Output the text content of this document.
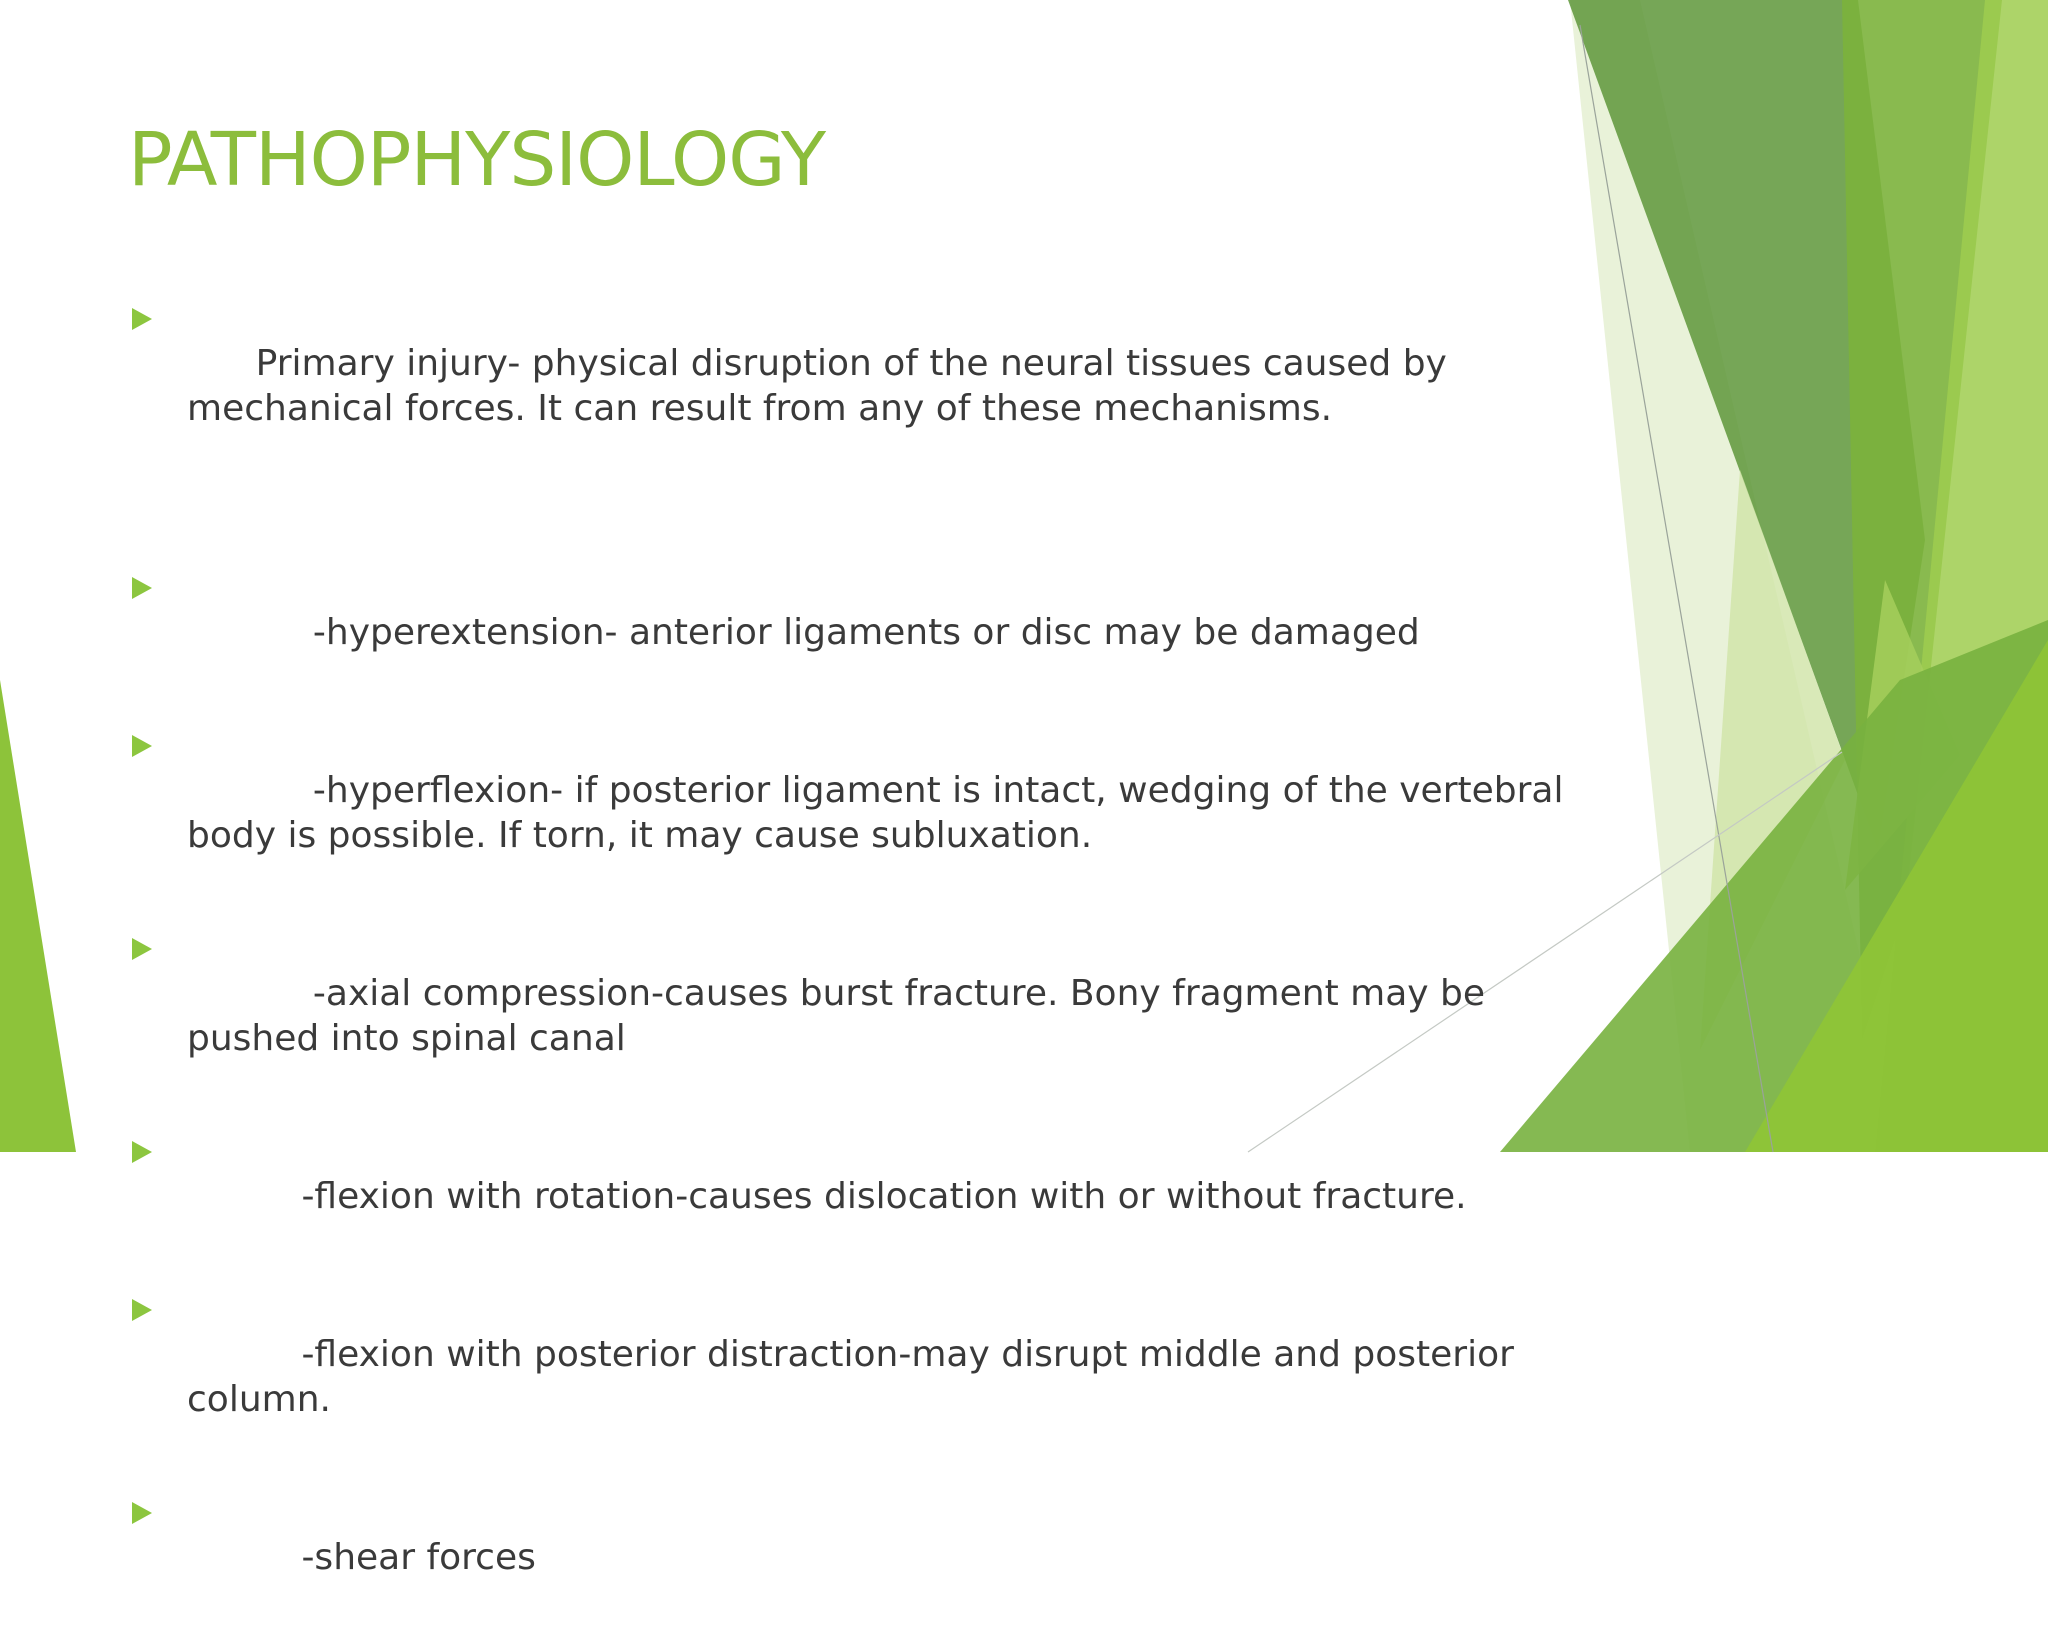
PATHOPHYSIOLOGY

Primary injury- physical disruption of the neural tissues caused by mechanical forces. It can result from any of these mechanisms.

-hyperextension- anterior ligaments or disc may be damaged

-hyperflexion- if posterior ligament is intact, wedging of the vertebral body is possible. If torn, it may cause subluxation.

-axial compression-causes burst fracture. Bony fragment may be pushed into spinal canal

-flexion with rotation-causes dislocation with or without fracture.

-flexion with posterior distraction-may disrupt middle and posterior column.

-shear forces
